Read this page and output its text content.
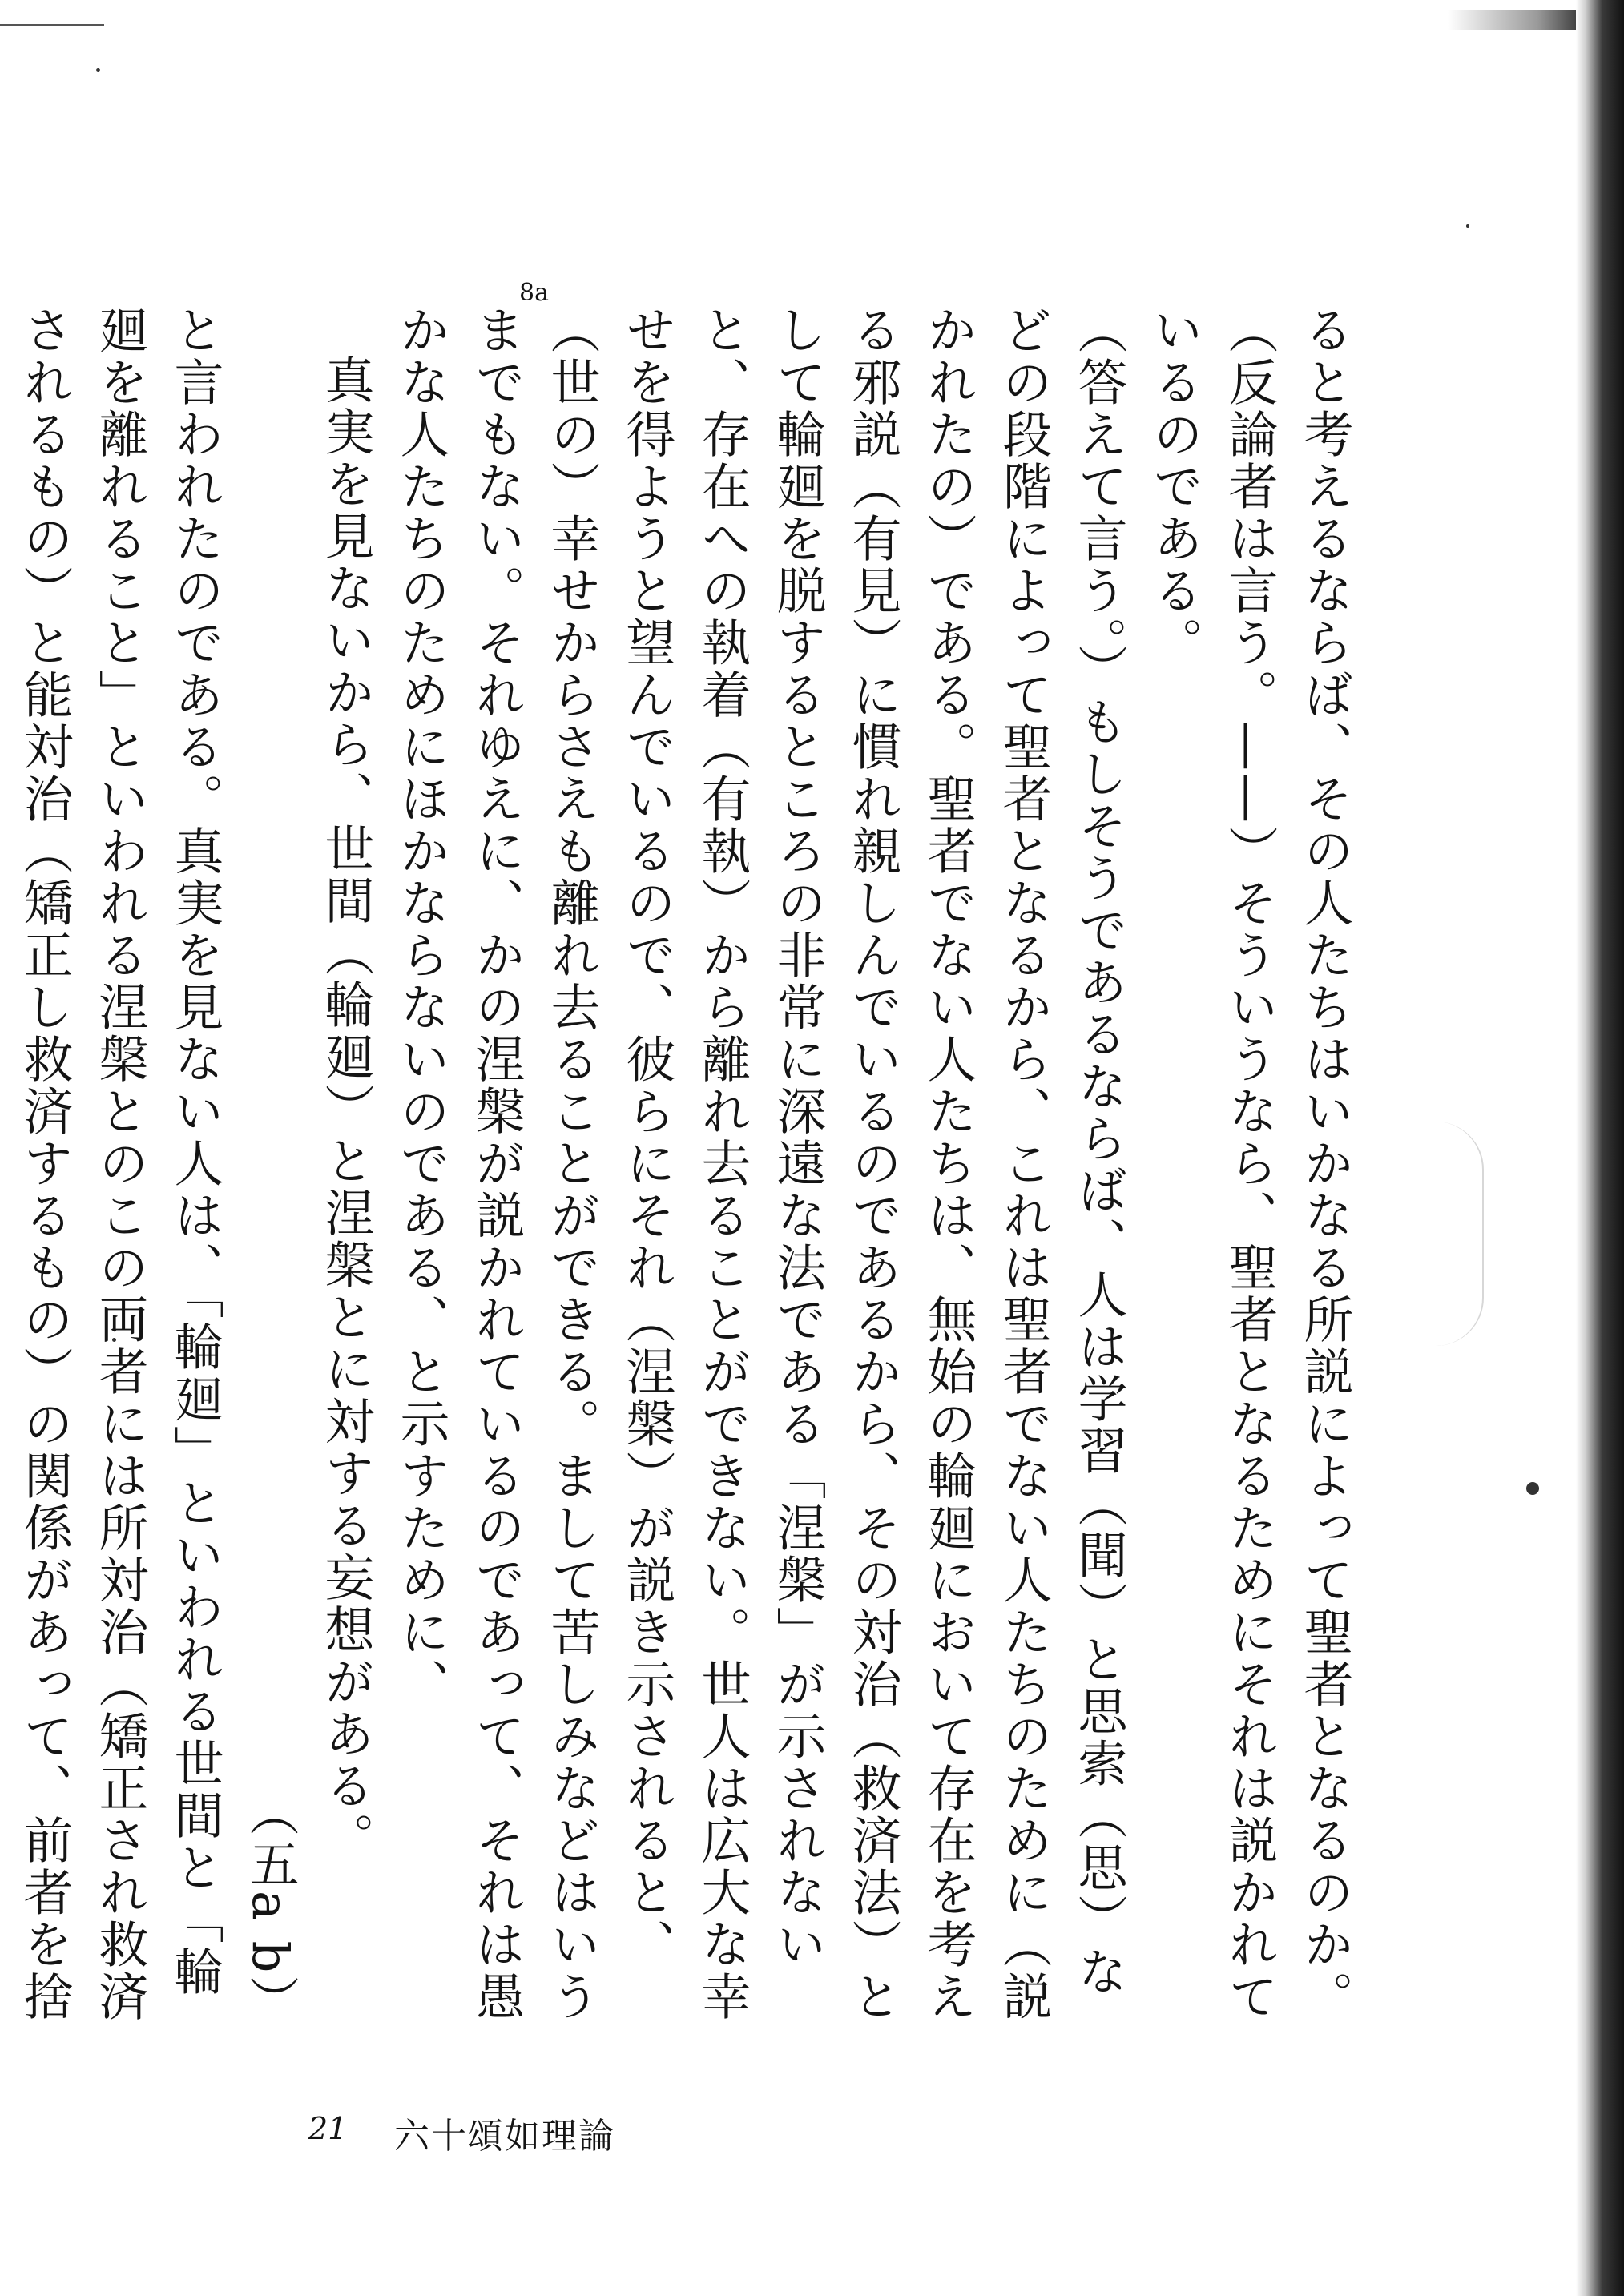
8a

ると考えるならば、その人たちはいかなる所説によって聖者となるのか。

（反論者は言う。——）そういうなら、聖者となるためにそれは説かれているのである。

（答えて言う。）もしそうであるならば、人は学習（聞）と思索（思）などの段階によって聖者となるから、これは聖者でない人たちのために（説かれたの）である。聖者でない人たちは、無始の輪廻において存在を考える邪説（有見）に慣れ親しんでいるのであるから、その対治（救済法）として輪廻を脱するところの非常に深遠な法である「涅槃」が示されないと、存在への執着（有執）から離れ去ることができない。世人は広大な幸せを得ようと望んでいるので、彼らにそれ（涅槃）が説き示されると、（世の）幸せからさえも離れ去ることができる。まして苦しみなどはいうまでもない。それゆえに、かの涅槃が説かれているのであって、それは愚かな人たちのためにほかならないのである、と示すために、

真実を見ないから、世間（輪廻）と涅槃とに対する妄想がある。

（五a b）

と言われたのである。真実を見ない人は、「輪廻」といわれる世間と「輪廻を離れること」といわれる涅槃とのこの両者には所対治（矯正され救済されるもの）と能対治（矯正し救済するもの）の関係があって、前者を捨

21 六十頌如理論
